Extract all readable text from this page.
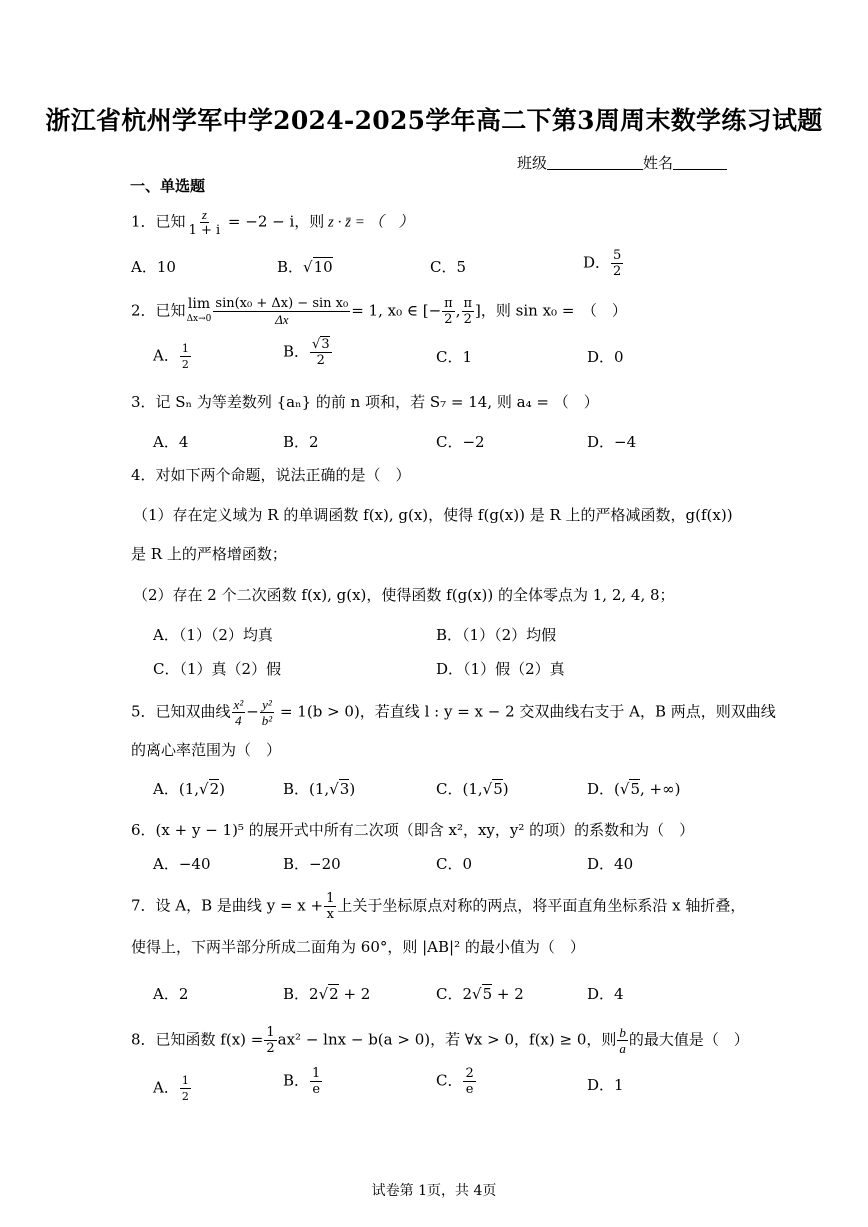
浙江省杭州学军中学2024-2025学年高二下第3周周末数学练习试题
班级	姓名
一、单选题
1．已知 $\frac{z}{1 + i} = -2 - i$，则 z · z̄ = （　）
A．10	B．√10	C．5	D． $\frac{5}{2}$
2．已知 lim
$\Delta x\to 0 \frac{\text{sin(x₀ + Δx) − sin x₀}}{\Delta x} = 1$, x₀ ∈ [− $\frac{\pi}{2}$ , $\frac{\pi}{2}$ ]，则 sin x₀ =　（　）
A． $\frac{1}{2}$	B． $\frac{√3}{2}$	C．1	D．0
3．记 Sₙ 为等差数列 {aₙ} 的前 n 项和，若 S₇ = 14, 则 a₄ = （　）
A．4	B．2	C．−2	D．−4
4．对如下两个命题，说法正确的是（　）
（1）存在定义域为 R 的单调函数 f(x), g(x)，使得 f(g(x)) 是 R 上的严格减函数，g(f(x))
是 R 上的严格增函数；
（2）存在 2 个二次函数 f(x), g(x)，使得函数 f(g(x)) 的全体零点为 1, 2, 4, 8；
A．（1）（2）均真	B．（1）（2）均假
C．（1）真（2）假	D．（1）假（2）真
5．已知双曲线 $\frac{\text{x²}}{4} - \frac{\text{y²}}{\text{b²}} = 1(b > 0)$，若直线 l : y = x − 2 交双曲线右支于 A，B 两点，则双曲线
的离心率范围为（　）
A．(1,√2)	B．(1,√3)	C．(1,√5)	D．(√5, +∞)
6．(x + y − 1)⁵ 的展开式中所有二次项（即含 x²，xy，y² 的项）的系数和为（　）
A．−40	B．−20	C．0	D．40
7．设 A，B 是曲线 $y = x + \frac{1}{x}$ 上关于坐标原点对称的两点，将平面直角坐标系沿 x 轴折叠，
使得上，下两半部分所成二面角为 60°，则 |AB|² 的最小值为（　）
A．2	B．2√2 + 2	C．2√5 + 2	D．4
8．已知函数 $f(x) = \frac{1}{2} ax^2 - \ln x - b(a > 0)$，若 ∀x > 0，f(x) ≥ 0，则 $\frac{b}{a}$ 的最大值是（　）
A． $\frac{1}{2}$	B． $\frac{1}{e}$	C． $\frac{2}{e}$	D．1
试卷第 1页，共 4页
